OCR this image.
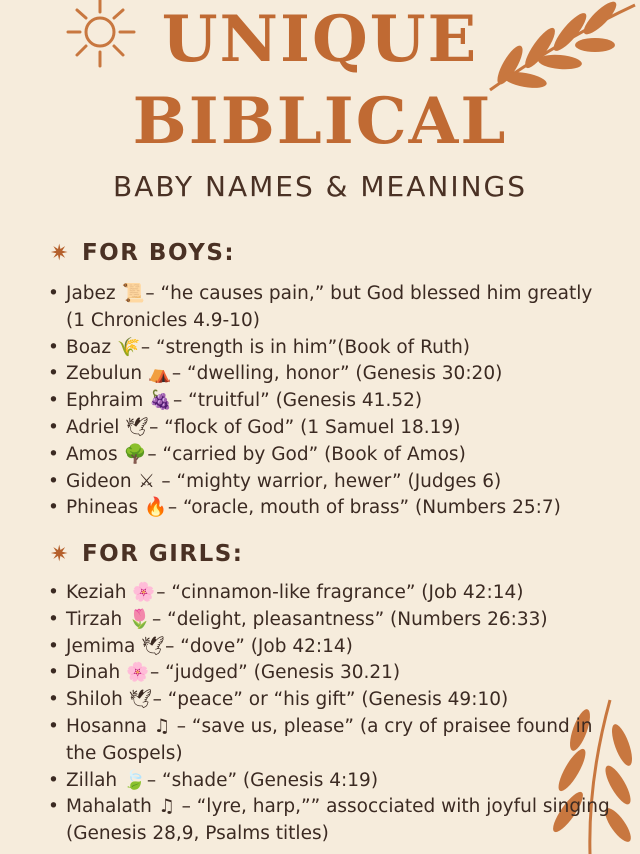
UNIQUE
BIBLICAL
BABY NAMES & MEANINGS
✷ FOR BOYS:
• Jabez 📜 – “he causes pain,” but God blessed him greatly (1 Chronicles 4.9-10)
• Boaz 🌾 – “strength is in him”(Book of Ruth)
• Zebulun ⛺ – “dwelling, honor” (Genesis 30:20)
• Ephraim 🍇 – “truitful” (Genesis 41.52)
• Adriel 🕊 – “flock of God” (1 Samuel 18.19)
• Amos 🌳 – “carried by God” (Book of Amos)
• Gideon ⚔ – “mighty warrior, hewer” (Judges 6)
• Phineas 🔥 – “oracle, mouth of brass” (Numbers 25:7)
✷ FOR GIRLS:
• Keziah 🌸 – “cinnamon-like fragrance” (Job 42:14)
• Tirzah 🌷 – “delight, pleasantness” (Numbers 26:33)
• Jemima 🕊 – “dove” (Job 42:14)
• Dinah 🌸 – “judged” (Genesis 30.21)
• Shiloh 🕊 – “peace” or “his gift” (Genesis 49:10)
• Hosanna ♫ – “save us, please” (a cry of praisee found in the Gospels)
• Zillah 🍃 – “shade” (Genesis 4:19)
• Mahalath ♫ – “lyre, harp,”” assocciated with joyful singing (Genesis 28,9, Psalms titles)
